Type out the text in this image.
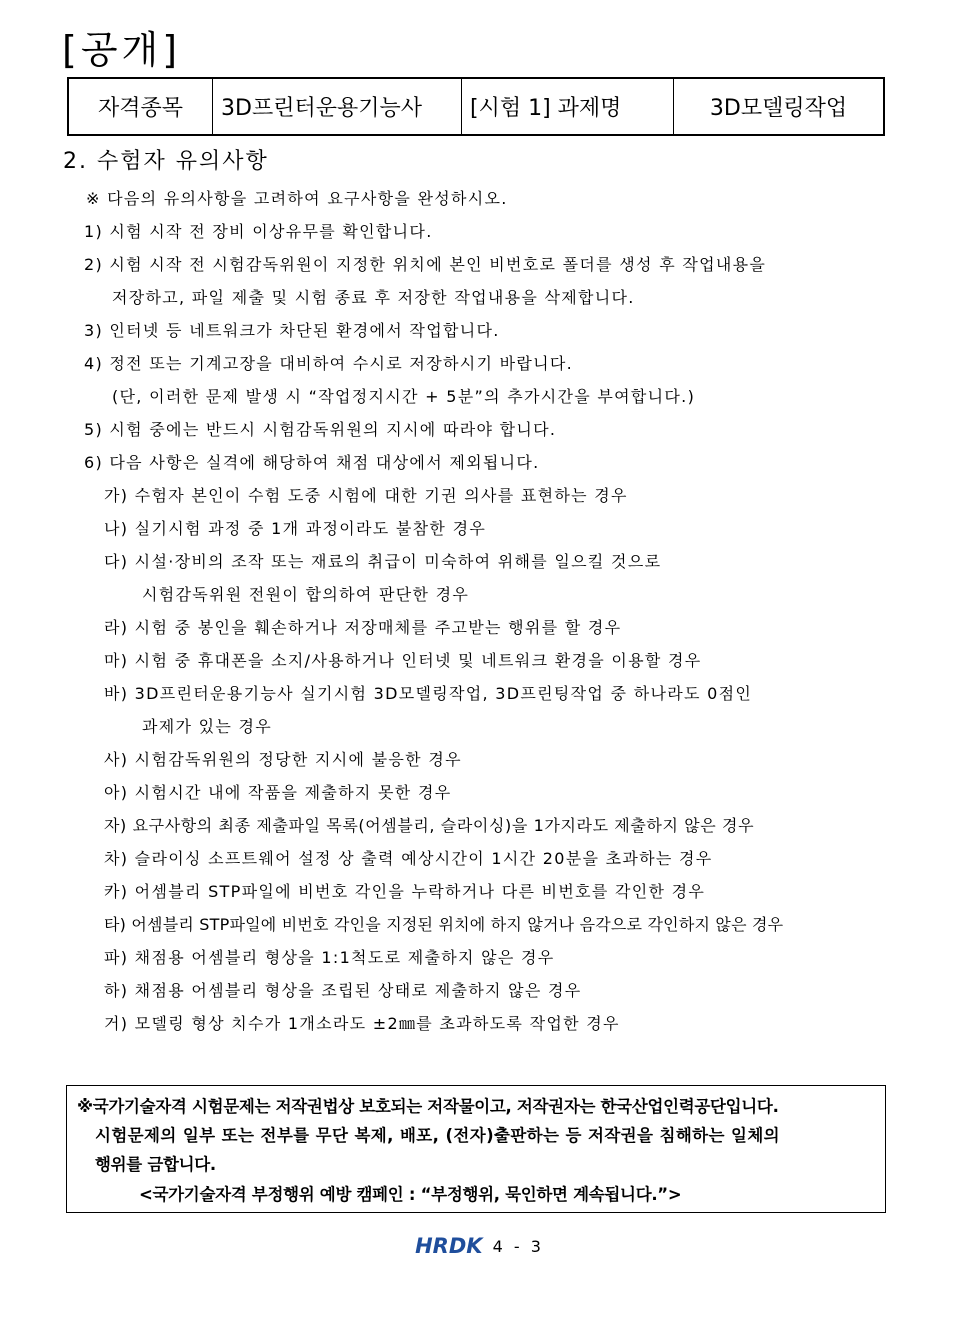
[공개]
자격종목	3D프린터운용기능사	[시험 1] 과제명	3D모델링작업
2. 수험자 유의사항
※ 다음의 유의사항을 고려하여 요구사항을 완성하시오.
1) 시험 시작 전 장비 이상유무를 확인합니다.
2) 시험 시작 전 시험감독위원이 지정한 위치에 본인 비번호로 폴더를 생성 후 작업내용을
저장하고, 파일 제출 및 시험 종료 후 저장한 작업내용을 삭제합니다.
3) 인터넷 등 네트워크가 차단된 환경에서 작업합니다.
4) 정전 또는 기계고장을 대비하여 수시로 저장하시기 바랍니다.
(단, 이러한 문제 발생 시 “작업정지시간 + 5분”의 추가시간을 부여합니다.)
5) 시험 중에는 반드시 시험감독위원의 지시에 따라야 합니다.
6) 다음 사항은 실격에 해당하여 채점 대상에서 제외됩니다.
가) 수험자 본인이 수험 도중 시험에 대한 기권 의사를 표현하는 경우
나) 실기시험 과정 중 1개 과정이라도 불참한 경우
다) 시설·장비의 조작 또는 재료의 취급이 미숙하여 위해를 일으킬 것으로
시험감독위원 전원이 합의하여 판단한 경우
라) 시험 중 봉인을 훼손하거나 저장매체를 주고받는 행위를 할 경우
마) 시험 중 휴대폰을 소지/사용하거나 인터넷 및 네트워크 환경을 이용할 경우
바) 3D프린터운용기능사 실기시험 3D모델링작업, 3D프린팅작업 중 하나라도 0점인
과제가 있는 경우
사) 시험감독위원의 정당한 지시에 불응한 경우
아) 시험시간 내에 작품을 제출하지 못한 경우
자) 요구사항의 최종 제출파일 목록(어셈블리, 슬라이싱)을 1가지라도 제출하지 않은 경우
차) 슬라이싱 소프트웨어 설정 상 출력 예상시간이 1시간 20분을 초과하는 경우
카) 어셈블리 STP파일에 비번호 각인을 누락하거나 다른 비번호를 각인한 경우
타) 어셈블리 STP파일에 비번호 각인을 지정된 위치에 하지 않거나 음각으로 각인하지 않은 경우
파) 채점용 어셈블리 형상을 1:1척도로 제출하지 않은 경우
하) 채점용 어셈블리 형상을 조립된 상태로 제출하지 않은 경우
거) 모델링 형상 치수가 1개소라도 ±2㎜를 초과하도록 작업한 경우
※국가기술자격 시험문제는 저작권법상 보호되는 저작물이고, 저작권자는 한국산업인력공단입니다.
시험문제의 일부 또는 전부를 무단 복제, 배포, (전자)출판하는 등 저작권을 침해하는 일체의
행위를 금합니다.
<국가기술자격 부정행위 예방 캠페인 : “부정행위, 묵인하면 계속됩니다.”>
HRDK 4 - 3
